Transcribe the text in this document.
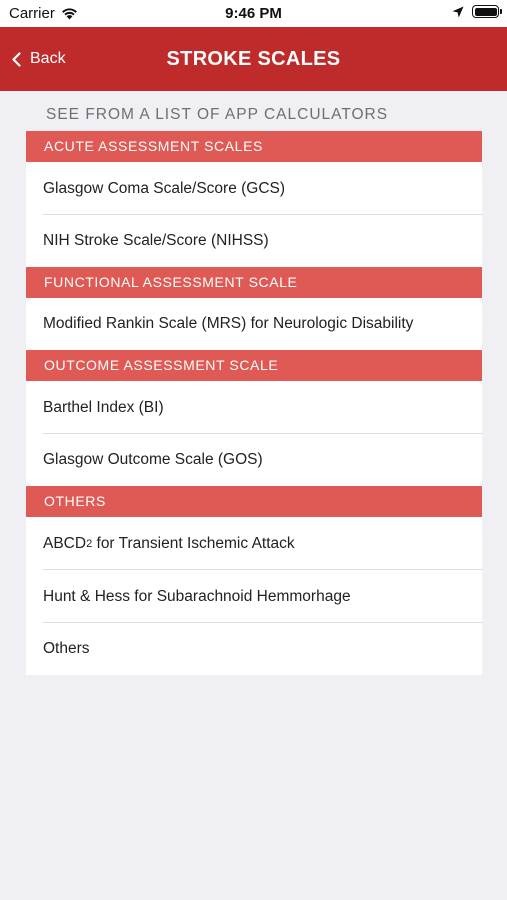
Carrier	9:46 PM
Back	STROKE SCALES
SEE FROM A LIST OF APP CALCULATORS
ACUTE ASSESSMENT SCALES
Glasgow Coma Scale/Score (GCS)
NIH Stroke Scale/Score (NIHSS)
FUNCTIONAL ASSESSMENT SCALE
Modified Rankin Scale (MRS) for Neurologic Disability
OUTCOME ASSESSMENT SCALE
Barthel Index (BI)
Glasgow Outcome Scale (GOS)
OTHERS
ABCD$^2$ for Transient Ischemic Attack
Hunt & Hess for Subarachnoid Hemmorhage
Others
